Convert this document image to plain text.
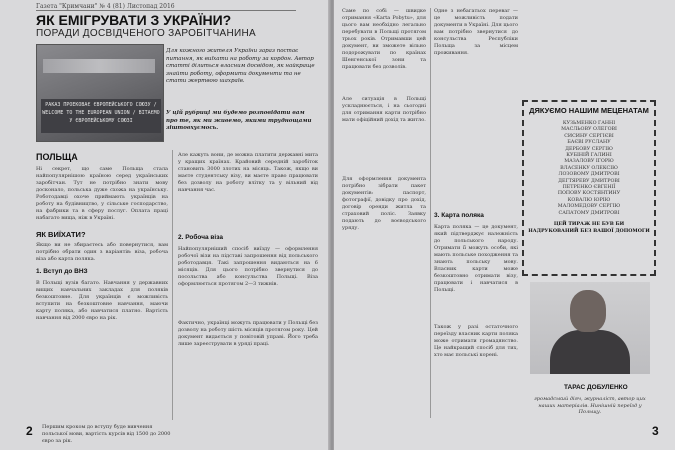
Газета "Кримчани" № 4 (81) Листопад 2016
ЯК ЕМІГРУВАТИ З УКРАЇНИ?
ПОРАДИ ДОСВІДЧЕНОГО ЗАРОБІТЧАНИНА
РАКАЗ ПРОЕКОВАЄ ЄВРОПЕЙСЬКОГО СОЮЗУ / WELCOME TO THE EUROPEAN UNION / ВІТАЄМО У ЄВРОПЕЙСЬКОМУ СОЮЗІ
Для кожного жителя України зараз постає питання, як виїхати на роботу за кордон. Автор статті ділиться власним досвідом, як найкраще знайти роботу, оформити документи та не стати жертвою шахраїв.
У цій рубриці ми будемо розповідати вам про те, як ми живемо, якими труднощами зіштовхуємось.
ПОЛЬЩА
Ні секрет, що саме Польща стала найпопулярнішою країною серед українських заробітчан. Тут не потрібно знати мову досконало, польська дуже схожа на українську. Роботодавці охоче приймають українців на роботу на будівництво, у сільське господарство, на фабрики та в сферу послуг. Оплата праці набагато вища, ніж в Україні.
ЯК ВИЇХАТИ?
Якщо ви не збираєтесь або повернутися, вам потрібно обрати один з варіантів: віза, робоча віза або карта поляка.
1. Вступ до ВНЗ
В Польщі вузів багато. Навчання у державних вищих навчальних закладах для поляків безкоштовне. Для українців є можливість вступити на безкоштовне навчання, маючи карту поляка, або навчатися платно. Вартість навчання від 2000 євро на рік.
Але кажуть вони, де можна платити державні мита у кращих країнах. Крайовий середній заробіток становить 3000 злотих на місяць. Також, якщо ви маєте студентську візу, ви маєте право працювати без дозволу на роботу влітку та у вільний від навчання час.
2. Робоча віза
Найпопулярніший спосіб виїзду — оформлення робочої візи на підставі запрошення від польського роботодавця. Такі запрошення видаються на 6 місяців. Для цього потрібно звернутися до посольства або консульства Польщі. Віза оформлюється протягом 2—3 тижнів.
Фактично, українці можуть працювати у Польщі без дозволу на роботу шість місяців протягом року. Цей документ видається у повітовій управі. Його треба лише зареєструвати в уряді праці.
2 Першим кроком до вступу буде вивчення польської мови, вартість курсів від 1500 до 2000 євро за рік.
Саме по собі — швидке отримання «Karta Pobytu», для цього вам необхідно легально перебувати в Польщі протягом трьох років. Отримавши цей документ, ви зможете вільно подорожувати по країнах Шенгенської зони та працювати без дозволів.
Але ситуація в Польщі ускладнюється, і на сьогодні для отримання карти потрібно мати офіційний дохід та житло.
Для оформлення документа потрібно зібрати пакет документів: паспорт, фотографії, довідку про дохід, договір оренди житла та страховий поліс. Заявку подають до воєводського уряду.
Одне з небагатьох переваг — це можливість подати документи в Україні. Для цього вам потрібно звернутися до консульства Республіки Польща за місцем проживання.
3. Карта поляка
Карта поляка — це документ, який підтверджує належність до польського народу. Отримати її можуть особи, які мають польське походження та знають польську мову. Власник карти може безкоштовно отримати візу, працювати і навчатися в Польщі.
Також у разі остаточного переїзду власник карти поляка може отримати громадянство. Це найкращий спосіб для тих, хто має польські корені.
ДЯКУЄМО НАШИМ МЕЦЕНАТАМ
КУЗЬМЕНКО ГАННІ
МАСЛЬОВУ ОЛЕГОВІ
СИСИНУ СЕРГІЄВІ
БАЄВІ РУСЛАНУ
ДЕРБОВУ СЕРГІЮ
КУБІНІЙ ГАЛИНІ
МАЗАЛОВУ ІГОРЮ
ВЛАСЕНКУ ОЛЕКСІЮ
ЛОЗОВОМУ ДМИТРОВІ
ДЕГТЯРЕВУ ДМИТРОВІ
ПЕТРЕНКО ЄВГЕНІЇ
ПОПОВУ КОСТЯНТИНУ
КОВАЛЮ ЮРІЮ
МАЛОМЕДОВУ СЕРГІЮ
САПАТОМУ ДМИТРОВІ
ЦЕЙ ТИРАЖ НЕ БУВ БИ НАДРУКОВАНИЙ БЕЗ ВАШОЇ ДОПОМОГИ
ТАРАС ДОБУЛЕНКО
громадський діяч, журналіст, автор цих наших матеріалів. Нинішній переїзд у Польщу.
3
